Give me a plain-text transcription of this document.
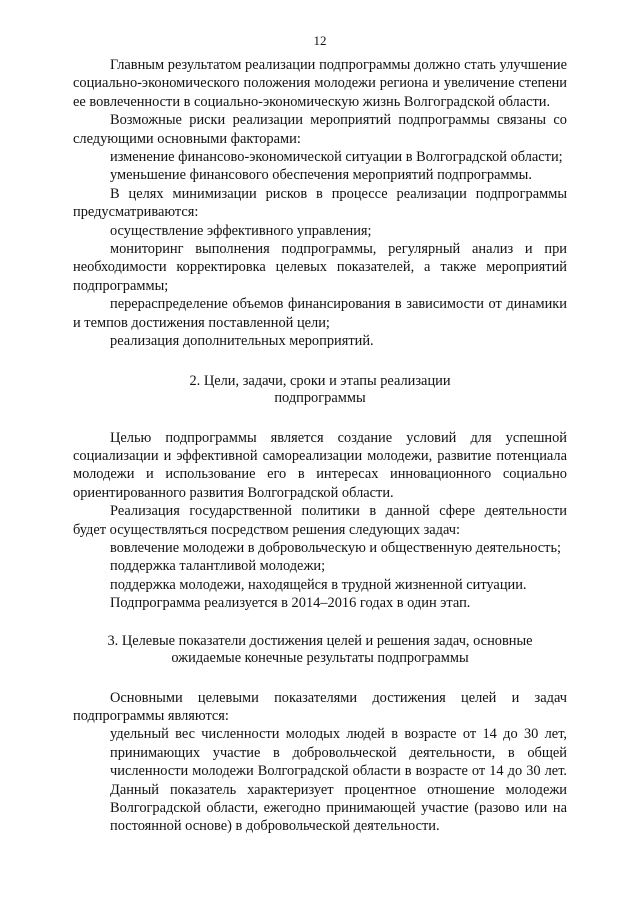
12

Главным результатом реализации подпрограммы должно стать улучшение социально-экономического положения молодежи региона и увеличение степени ее вовлеченности в социально-экономическую жизнь Волгоградской области.

Возможные риски реализации мероприятий подпрограммы связаны со следующими основными факторами:

изменение финансово-экономической ситуации в Волгоградской области;

уменьшение финансового обеспечения мероприятий подпрограммы.

В целях минимизации рисков в процессе реализации подпрограммы предусматриваются:

осуществление эффективного управления;

мониторинг выполнения подпрограммы, регулярный анализ и при необходимости корректировка целевых показателей, а также мероприятий подпрограммы;

перераспределение объемов финансирования в зависимости от динамики и темпов достижения поставленной цели;

реализация дополнительных мероприятий.

2. Цели, задачи, сроки и этапы реализации
подпрограммы

Целью подпрограммы является создание условий для успешной социализации и эффективной самореализации молодежи, развитие потенциала молодежи и использование его в интересах инновационного социально ориентированного развития Волгоградской области.

Реализация государственной политики в данной сфере деятельности будет осуществляться посредством решения следующих задач:

вовлечение молодежи в добровольческую и общественную деятельность;

поддержка талантливой молодежи;

поддержка молодежи, находящейся в трудной жизненной ситуации.

Подпрограмма реализуется в 2014–2016 годах в один этап.

3. Целевые показатели достижения целей и решения задач, основные
ожидаемые конечные результаты подпрограммы

Основными целевыми показателями достижения целей и задач подпрограммы являются:

удельный вес численности молодых людей в возрасте от 14 до 30 лет, принимающих участие в добровольческой деятельности, в общей численности молодежи Волгоградской области в возрасте от 14 до 30 лет. Данный показатель характеризует процентное отношение молодежи Волгоградской области, ежегодно принимающей участие (разово или на постоянной основе) в добровольческой деятельности.
